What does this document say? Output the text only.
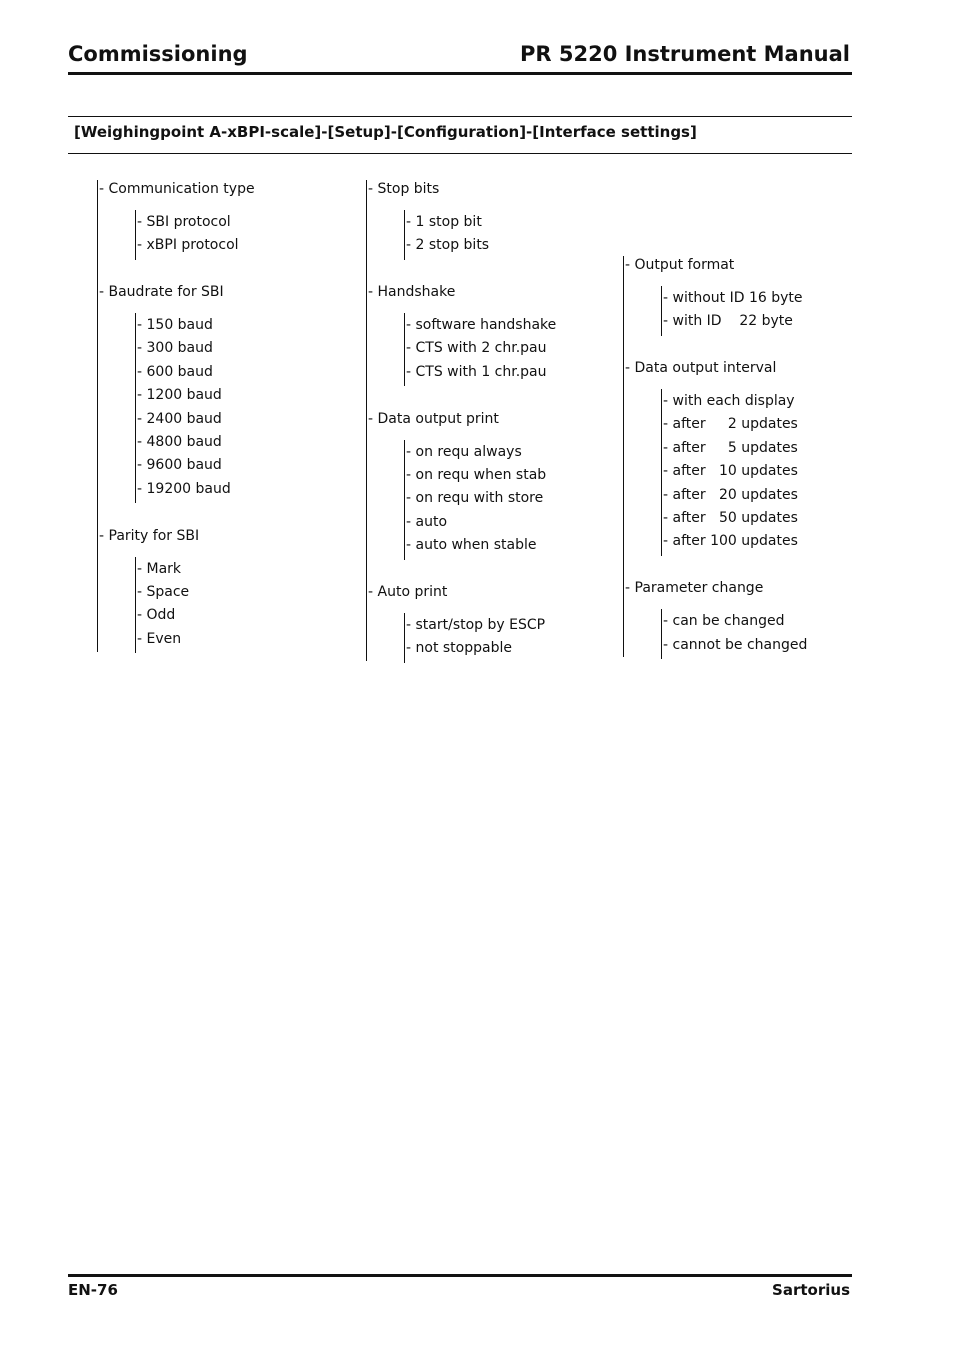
Commissioning	PR 5220 Instrument Manual
[Weighingpoint A-xBPI-scale]-[Setup]-[Configuration]-[Interface settings]
- Communication type
- SBI protocol
- xBPI protocol
- Baudrate for SBI
- 150 baud
- 300 baud
- 600 baud
- 1200 baud
- 2400 baud
- 4800 baud
- 9600 baud
- 19200 baud
- Parity for SBI
- Mark
- Space
- Odd
- Even
- Stop bits
- 1 stop bit
- 2 stop bits
- Handshake
- software handshake
- CTS with 2 chr.pau
- CTS with 1 chr.pau
- Data output print
- on requ always
- on requ when stab
- on requ with store
- auto
- auto when stable
- Auto print
- start/stop by ESCP
- not stoppable
- Output format
- without ID 16 byte
- with ID    22 byte
- Data output interval
- with each display
- after     2 updates
- after     5 updates
- after   10 updates
- after   20 updates
- after   50 updates
- after 100 updates
- Parameter change
- can be changed
- cannot be changed
EN-76	Sartorius
